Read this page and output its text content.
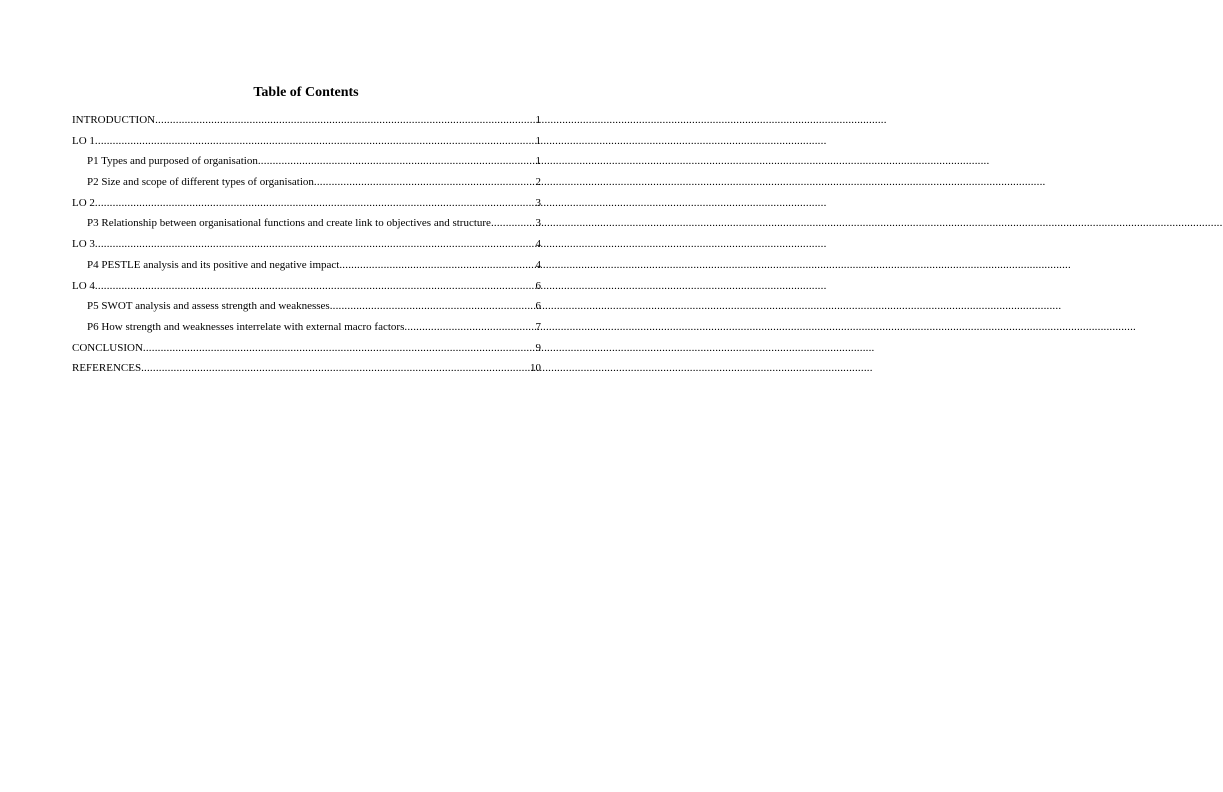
Table of Contents
INTRODUCTION .....	1
LO 1 .....	1
P1 Types and purposed of organisation .....	1
P2 Size and scope of different types of organisation .....	2
LO 2 .....	3
P3 Relationship between organisational functions and create link to objectives and structure .....	3
LO 3 .....	4
P4 PESTLE analysis and its positive and negative impact .....	4
LO 4 .....	6
P5 SWOT analysis and assess strength and weaknesses .....	6
P6 How strength and weaknesses interrelate with external macro factors .....	7
CONCLUSION .....	9
REFERENCES .....	10
